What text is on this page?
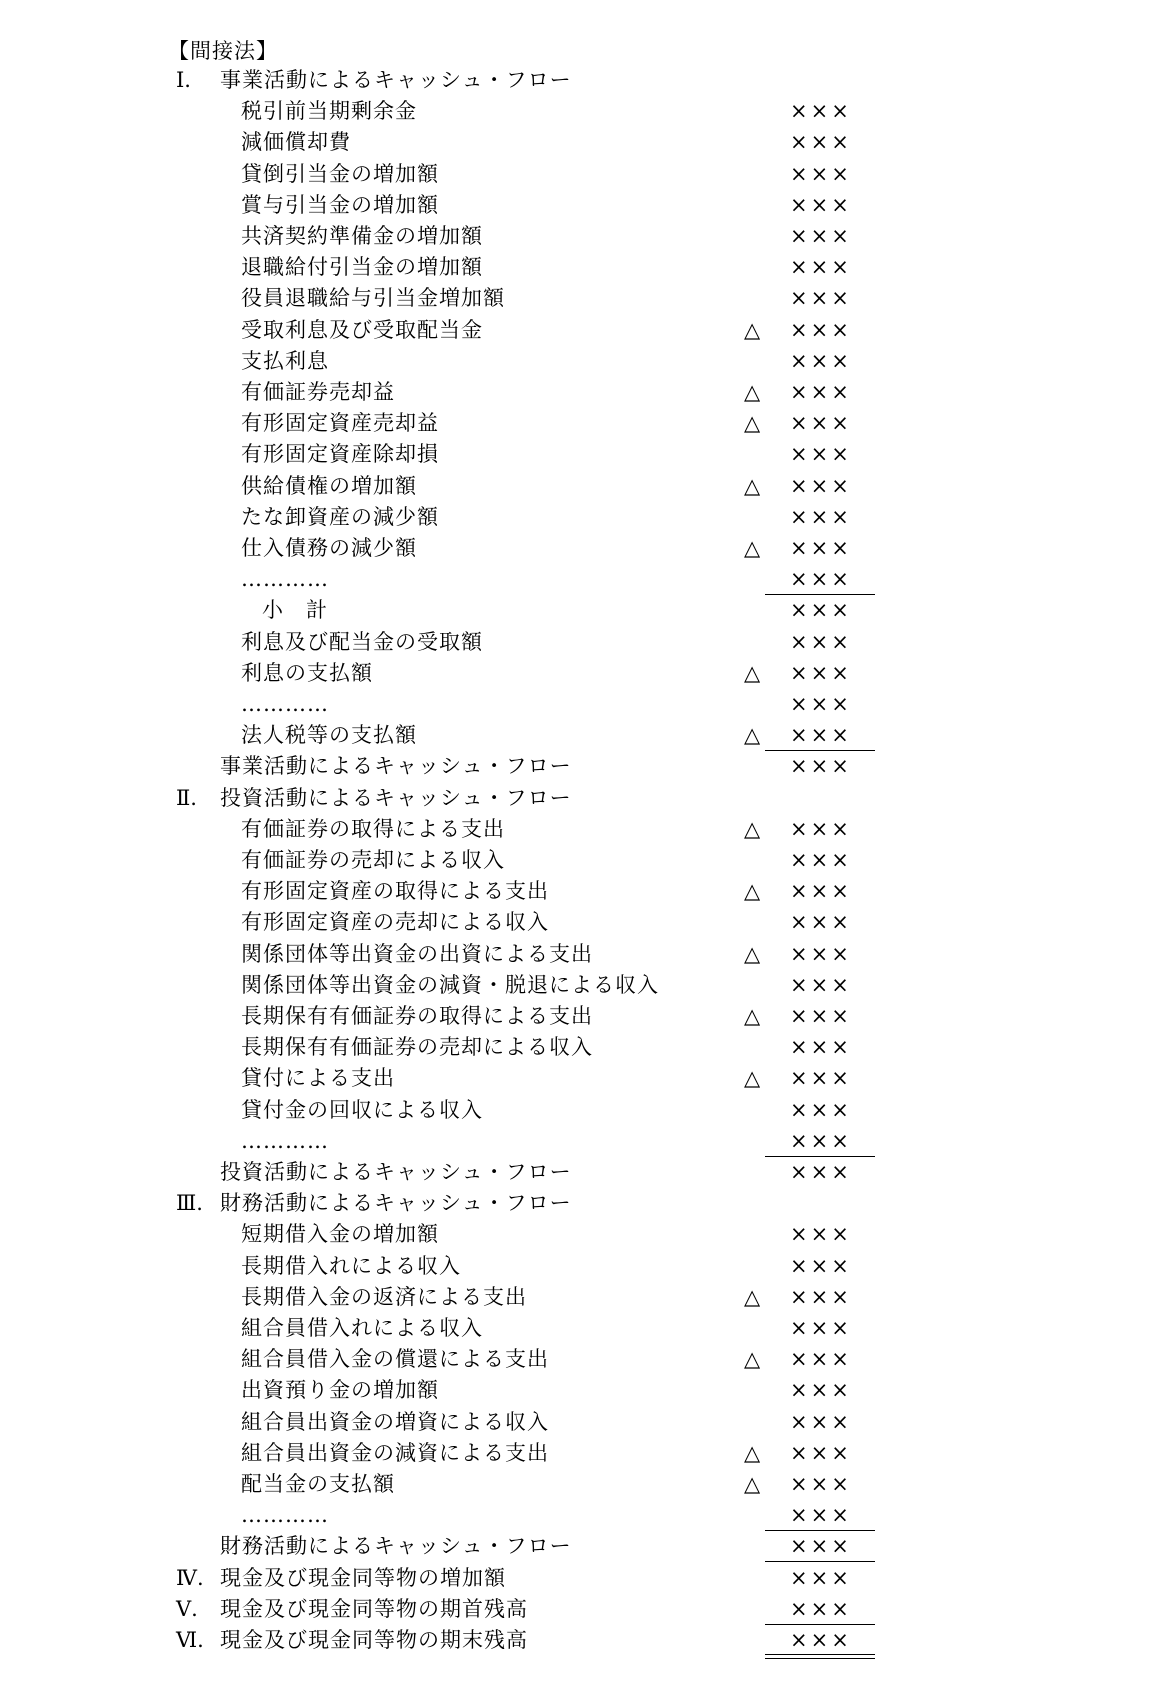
【間接法】
Ⅰ. 事業活動によるキャッシュ・フロー
税引前当期剰余金	×××
減価償却費	×××
貸倒引当金の増加額	×××
賞与引当金の増加額	×××
共済契約準備金の増加額	×××
退職給付引当金の増加額	×××
役員退職給与引当金増加額	×××
受取利息及び受取配当金	△ ×××
支払利息	×××
有価証券売却益	△ ×××
有形固定資産売却益	△ ×××
有形固定資産除却損	×××
供給債権の増加額	△ ×××
たな卸資産の減少額	×××
仕入債務の減少額	△ ×××
…………	×××
小　計	×××
利息及び配当金の受取額	×××
利息の支払額	△ ×××
…………	×××
法人税等の支払額	△ ×××
事業活動によるキャッシュ・フロー	×××
Ⅱ. 投資活動によるキャッシュ・フロー
有価証券の取得による支出	△ ×××
有価証券の売却による収入	×××
有形固定資産の取得による支出	△ ×××
有形固定資産の売却による収入	×××
関係団体等出資金の出資による支出	△ ×××
関係団体等出資金の減資・脱退による収入	×××
長期保有有価証券の取得による支出	△ ×××
長期保有有価証券の売却による収入	×××
貸付による支出	△ ×××
貸付金の回収による収入	×××
…………	×××
投資活動によるキャッシュ・フロー	×××
Ⅲ. 財務活動によるキャッシュ・フロー
短期借入金の増加額	×××
長期借入れによる収入	×××
長期借入金の返済による支出	△ ×××
組合員借入れによる収入	×××
組合員借入金の償還による支出	△ ×××
出資預り金の増加額	×××
組合員出資金の増資による収入	×××
組合員出資金の減資による支出	△ ×××
配当金の支払額	△ ×××
…………	×××
財務活動によるキャッシュ・フロー	×××
Ⅳ. 現金及び現金同等物の増加額	×××
Ⅴ. 現金及び現金同等物の期首残高	×××
Ⅵ. 現金及び現金同等物の期末残高	×××
